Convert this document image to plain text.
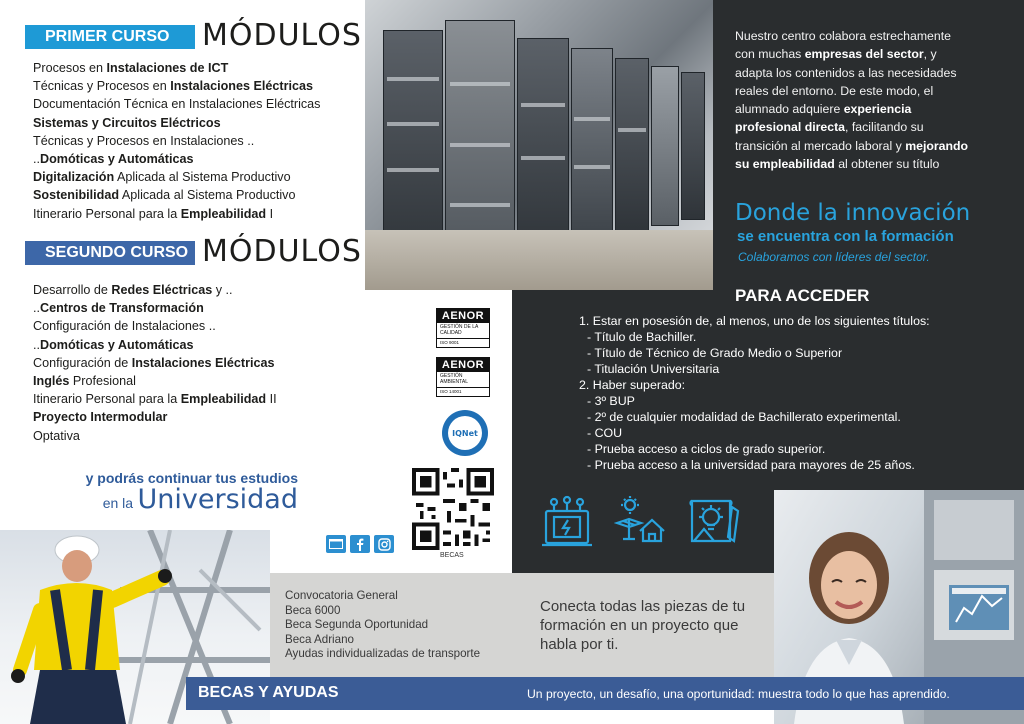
PRIMER CURSO	MÓDULOS
Procesos en Instalaciones de ICT
Técnicas y Procesos en Instalaciones Eléctricas
Documentación Técnica en Instalaciones Eléctricas
Sistemas y Circuitos Eléctricos
Técnicas y Procesos en Instalaciones ..
..Domóticas y Automáticas
Digitalización Aplicada al Sistema Productivo
Sostenibilidad Aplicada al Sistema Productivo
Itinerario Personal para la Empleabilidad I
SEGUNDO CURSO MÓDULOS
Desarrollo de Redes Eléctricas y ..
..Centros de Transformación
Configuración de Instalaciones ..
..Domóticas y Automáticas
Configuración de Instalaciones Eléctricas
Inglés Profesional
Itinerario Personal para la Empleabilidad II
Proyecto Intermodular
Optativa
y podrás continuar tus estudios
en la Universidad
AENOR
GESTIÓN DE LA CALIDAD
ISO 9001
AENOR
GESTIÓN AMBIENTAL
ISO 14001
IQNet
BECAS
Nuestro centro colabora estrechamente
con muchas empresas del sector, y
adapta los contenidos a las necesidades
reales del entorno. De este modo, el
alumnado adquiere experiencia
profesional directa, facilitando su
transición al mercado laboral y mejorando
su empleabilidad al obtener su título
Donde la innovación
se encuentra con la formación
Colaboramos con líderes del sector.
PARA ACCEDER
1. Estar en posesión de, al menos, uno de los siguientes títulos:
- Título de Bachiller.
- Título de Técnico de Grado Medio o Superior
- Titulación Universitaria
2. Haber superado:
- 3º BUP
- 2º de cualquier modalidad de Bachillerato experimental.
- COU
- Prueba acceso a ciclos de grado superior.
- Prueba acceso a la universidad para mayores de 25 años.
Convocatoria General
Beca 6000
Beca Segunda Oportunidad
Beca Adriano
Ayudas individualizadas de transporte
Conecta todas las piezas de tu formación en un proyecto que habla por ti.
BECAS Y AYUDAS	Un proyecto, un desafío, una oportunidad: muestra todo lo que has aprendido.
